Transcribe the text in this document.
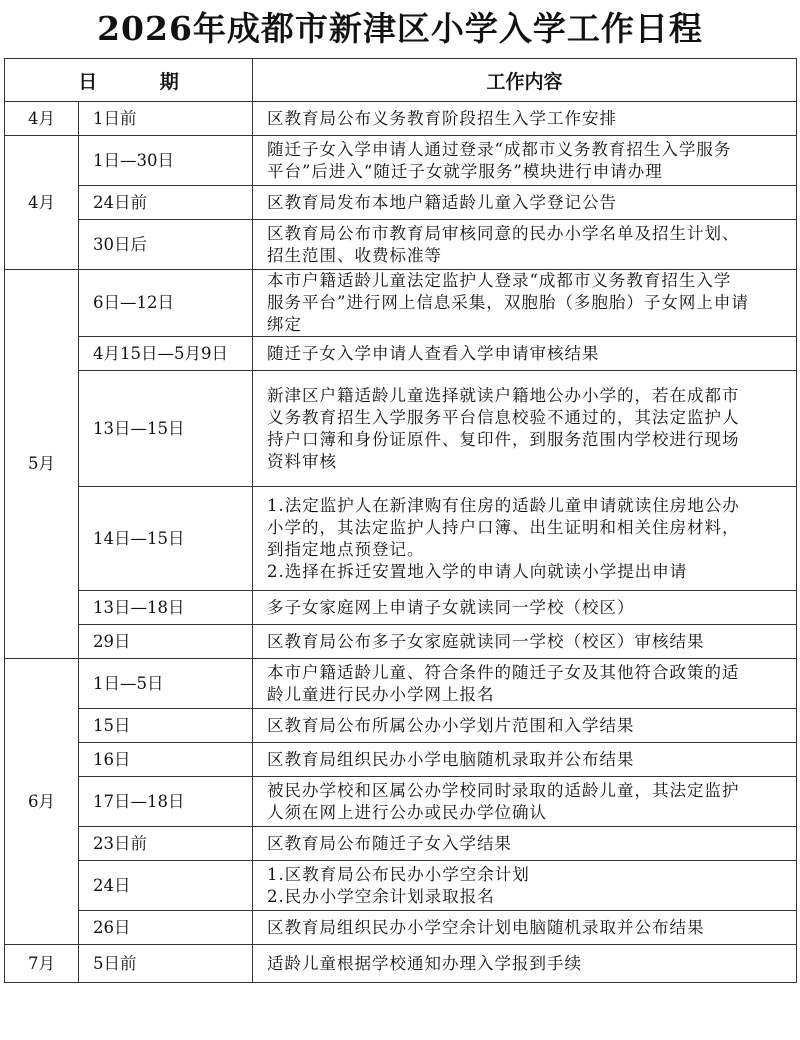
2026年成都市新津区小学入学工作日程
日 期		工作内容
4月	1日前	区教育局公布义务教育阶段招生入学工作安排

4月	1日—30日	随迁子女入学申请人通过登录“成都市义务教育招生入学服务
平台”后进入“随迁子女就学服务”模块进行申请办理

	24日前	区教育局发布本地户籍适龄儿童入学登记公告

	30日后	区教育局公布市教育局审核同意的民办小学名单及招生计划、
招生范围、收费标准等

5月	6日—12日	本市户籍适龄儿童法定监护人登录“成都市义务教育招生入学
服务平台”进行网上信息采集，双胞胎（多胞胎）子女网上申请
绑定

	4月15日—5月9日	随迁子女入学申请人查看入学申请审核结果

	13日—15日	新津区户籍适龄儿童选择就读户籍地公办小学的，若在成都市
义务教育招生入学服务平台信息校验不通过的，其法定监护人
持户口簿和身份证原件、复印件，到服务范围内学校进行现场
资料审核

	14日—15日	1.法定监护人在新津购有住房的适龄儿童申请就读住房地公办
小学的，其法定监护人持户口簿、出生证明和相关住房材料，
到指定地点预登记。
2.选择在拆迁安置地入学的申请人向就读小学提出申请

	13日—18日	多子女家庭网上申请子女就读同一学校（校区）

	29日	区教育局公布多子女家庭就读同一学校（校区）审核结果

6月	1日—5日	本市户籍适龄儿童、符合条件的随迁子女及其他符合政策的适
龄儿童进行民办小学网上报名

	15日	区教育局公布所属公办小学划片范围和入学结果

	16日	区教育局组织民办小学电脑随机录取并公布结果

	17日—18日	被民办学校和区属公办学校同时录取的适龄儿童，其法定监护
人须在网上进行公办或民办学位确认

	23日前	区教育局公布随迁子女入学结果

	24日	1.区教育局公布民办小学空余计划
2.民办小学空余计划录取报名

	26日	区教育局组织民办小学空余计划电脑随机录取并公布结果

7月	5日前	适龄儿童根据学校通知办理入学报到手续
